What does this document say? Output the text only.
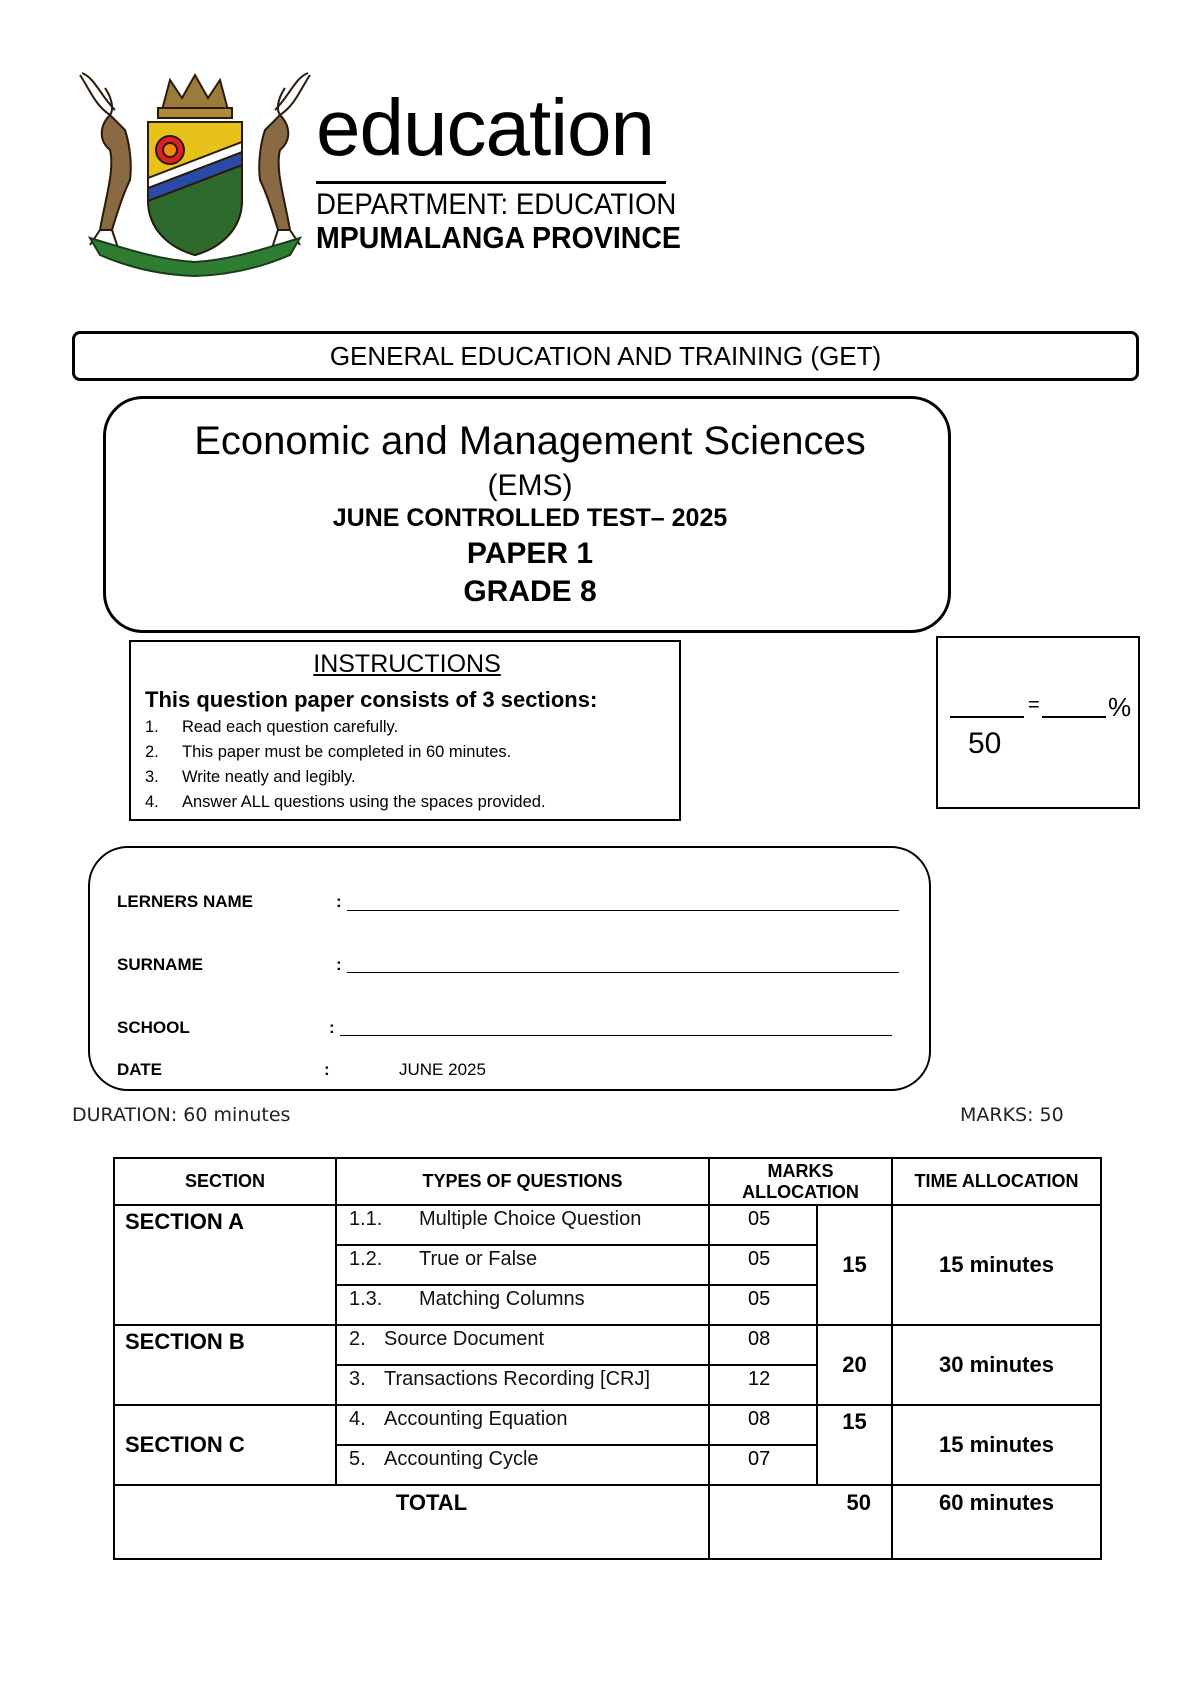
education
DEPARTMENT: EDUCATION
MPUMALANGA PROVINCE
GENERAL EDUCATION AND TRAINING (GET)
Economic and Management Sciences
(EMS)
JUNE CONTROLLED TEST– 2025
PAPER 1
GRADE 8
INSTRUCTIONS
This question paper consists of 3 sections:
1.	Read each question carefully.
2.	This paper must be completed in 60 minutes.
3.	Write neatly and legibly.
4.	Answer ALL questions using the spaces provided.
=	%
50
LERNERS NAME	:
SURNAME	:
SCHOOL	:
DATE	:	JUNE 2025
DURATION: 60 minutes	MARKS: 50
SECTION	TYPES OF QUESTIONS	MARKS ALLOCATION		TIME ALLOCATION
SECTION A	1.1. Multiple Choice Question	05	15	15 minutes
	1.2. True or False	05		
	1.3. Matching Columns	05		
SECTION B	2. Source Document	08	20	30 minutes
	3. Transactions Recording [CRJ]	12		
SECTION C	4. Accounting Equation	08	15	15 minutes
	5. Accounting Cycle	07		
TOTAL		50		60 minutes
